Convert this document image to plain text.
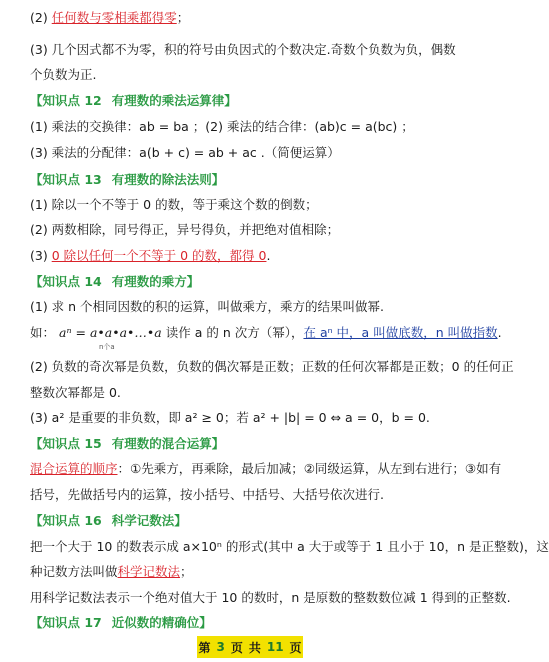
(2) 任何数与零相乘都得零；
(3) 几个因式都不为零，积的符号由负因式的个数决定.奇数个负数为负，偶数
个负数为正.
【知识点 12 有理数的乘法运算律】
(1) 乘法的交换律：ab = ba ；(2) 乘法的结合律：(ab)c = a(bc) ；
(3) 乘法的分配律：a(b + c) = ab + ac .（简便运算）
【知识点 13 有理数的除法法则】
(1) 除以一个不等于 0 的数，等于乘这个数的倒数；
(2) 两数相除，同号得正，异号得负，并把绝对值相除；
(3) 0 除以任何一个不等于 0 的数，都得 0.
【知识点 14 有理数的乘方】
(1) 求 n 个相同因数的积的运算，叫做乘方，乘方的结果叫做幂.
如： aⁿ = a•a•a•…•a
n个a
读作 a 的 n 次方（幂），在 aⁿ 中，a 叫做底数，n 叫做指数.
(2) 负数的奇次幂是负数，负数的偶次幂是正数；正数的任何次幂都是正数；0 的任何正
整数次幂都是 0.
(3) a² 是重要的非负数，即 a² ≥ 0；若 a² + |b| = 0 ⇔ a = 0，b = 0.
【知识点 15 有理数的混合运算】
混合运算的顺序：①先乘方，再乘除，最后加减；②同级运算，从左到右进行；③如有
括号，先做括号内的运算，按小括号、中括号、大括号依次进行.
【知识点 16 科学记数法】
把一个大于 10 的数表示成 a×10ⁿ 的形式(其中 a 大于或等于 1 且小于 10，n 是正整数)，这
种记数方法叫做科学记数法；
用科学记数法表示一个绝对值大于 10 的数时，n 是原数的整数数位减 1 得到的正整数.
【知识点 17 近似数的精确位】
第 3 页 共 11 页
